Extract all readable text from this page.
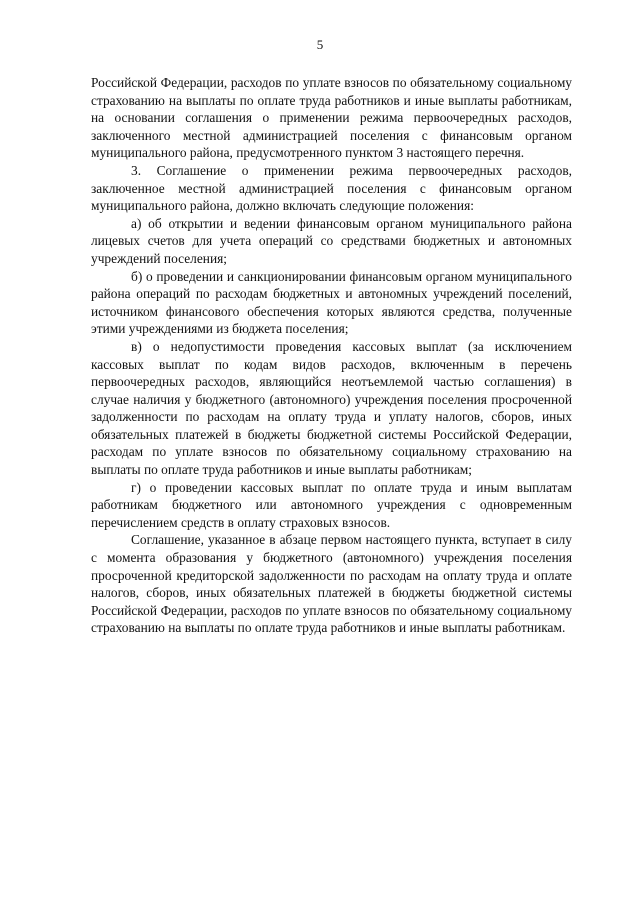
5

Российской Федерации, расходов по уплате взносов по обязательному социальному страхованию на выплаты по оплате труда работников и иные выплаты работникам, на основании соглашения о применении режима первоочередных расходов, заключенного местной администрацией поселения с финансовым органом муниципального района, предусмотренного пунктом 3 настоящего перечня.

3. Соглашение о применении режима первоочередных расходов, заключенное местной администрацией поселения с финансовым органом муниципального района, должно включать следующие положения:

а) об открытии и ведении финансовым органом муниципального района лицевых счетов для учета операций со средствами бюджетных и автономных учреждений поселения;

б) о проведении и санкционировании финансовым органом муниципального района операций по расходам бюджетных и автономных учреждений поселений, источником финансового обеспечения которых являются средства, полученные этими учреждениями из бюджета поселения;

в) о недопустимости проведения кассовых выплат (за исключением кассовых выплат по кодам видов расходов, включенным в перечень первоочередных расходов, являющийся неотъемлемой частью соглашения) в случае наличия у бюджетного (автономного) учреждения поселения просроченной задолженности по расходам на оплату труда и уплату налогов, сборов, иных обязательных платежей в бюджеты бюджетной системы Российской Федерации, расходам по уплате взносов по обязательному социальному страхованию на выплаты по оплате труда работников и иные выплаты работникам;

г) о проведении кассовых выплат по оплате труда и иным выплатам работникам бюджетного или автономного учреждения с одновременным перечислением средств в оплату страховых взносов.

Соглашение, указанное в абзаце первом настоящего пункта, вступает в силу с момента образования у бюджетного (автономного) учреждения поселения просроченной кредиторской задолженности по расходам на оплату труда и оплате налогов, сборов, иных обязательных платежей в бюджеты бюджетной системы Российской Федерации, расходов по уплате взносов по обязательному социальному страхованию на выплаты по оплате труда работников и иные выплаты работникам.
